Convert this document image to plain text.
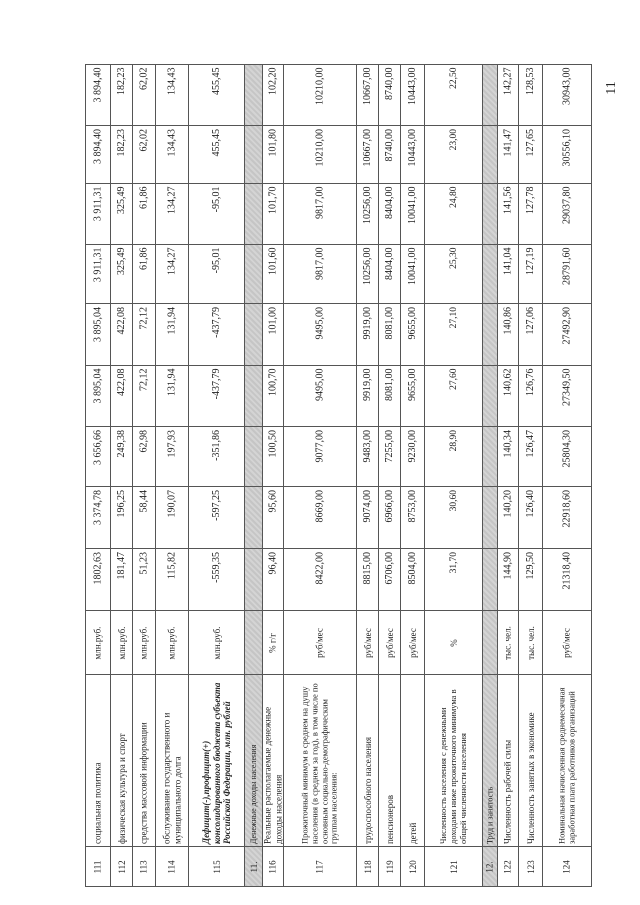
11
1802,63
3 374,78
3 656,66
3 895,04
3 895,04
3 911,31
3 911,31
3 894,40
3 894,40
млн.руб.
социальная политика
111
181,47
196,25
249,38
422,08
422,08
325,49
325,49
182,23
182,23
млн.руб.
физическая культура и спорт
112
51,23
58,44
62,98
72,12
72,12
61,86
61,86
62,02
62,02
млн.руб.
средства массовой информации
113
115,82
190,07
197,93
131,94
131,94
134,27
134,27
134,43
134,43
млн.руб.
обслуживание государственного и муниципального долга
114
-559,35
-597,25
-351,86
-437,79
-437,79
-95,01
-95,01
455,45
455,45
млн.руб.
Дефицит(-),профицит(+) консолидированного бюджета субъекта Российской Федерации, млн. рублей
115
Денежные доходы населения
11.
96,40
95,60
100,50
100,70
101,00
101,60
101,70
101,80
102,20
% г/г
Реальные располагаемые денежные доходы населения
116
8422,00
8669,00
9077,00
9495,00
9495,00
9817,00
9817,00
10210,00
10210,00
руб/мес
Прожиточный минимум в среднем на душу населения (в среднем за год), в том числе по основным социально-демографическим группам населения:
117
8815,00
9074,00
9483,00
9919,00
9919,00
10256,00
10256,00
10667,00
10667,00
руб/мес
трудоспособного населения
118
6706,00
6966,00
7255,00
8081,00
8081,00
8404,00
8404,00
8740,00
8740,00
руб/мес
пенсионеров
119
8504,00
8753,00
9230,00
9655,00
9655,00
10041,00
10041,00
10443,00
10443,00
руб/мес
детей
120
31,70
30,60
28,90
27,60
27,10
25,30
24,80
23,00
22,50
%
Численность населения с денежными доходами ниже прожиточного минимума в общей численности населения
121
Труд и занятость
12.
144,90
140,20
140,34
140,62
140,86
141,04
141,56
141,47
142,27
тыс. чел.
Численность рабочей силы
122
129,50
126,40
126,47
126,76
127,06
127,19
127,78
127,65
128,53
тыс. чел.
Численность занятых в экономике
123
21318,40
22918,60
25804,30
27349,50
27492,90
28791,60
29037,80
30556,10
30943,00
руб/мес
Номинальная начисленная среднемесячная заработная плата работников организаций
124
